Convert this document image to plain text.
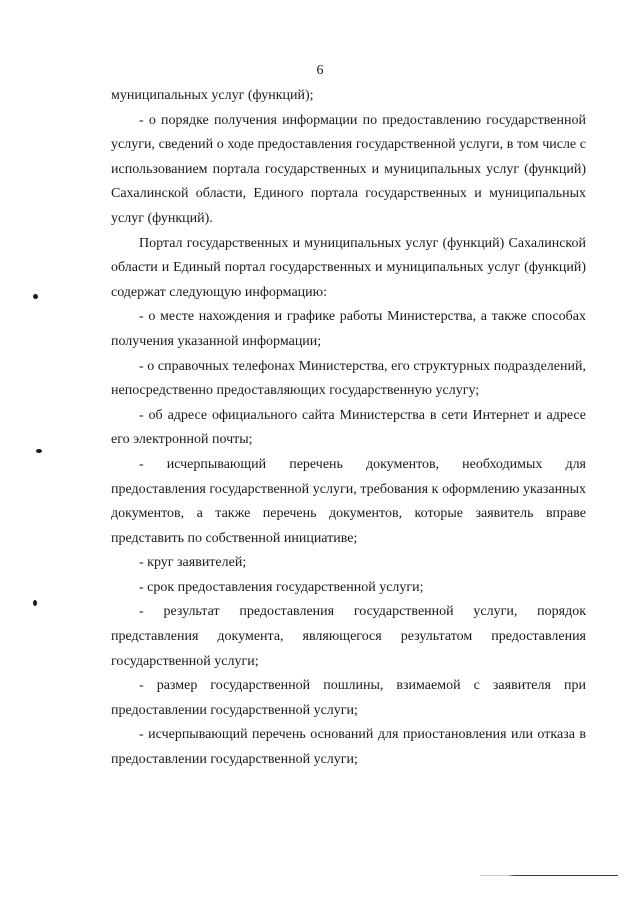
6

муниципальных услуг (функций);

- о порядке получения информации по предоставлению государственной услуги, сведений о ходе предоставления государственной услуги, в том числе с использованием портала государственных и муниципальных услуг (функций) Сахалинской области, Единого портала государственных и муниципальных услуг (функций).

Портал государственных и муниципальных услуг (функций) Сахалинской области и Единый портал государственных и муниципальных услуг (функций) содержат следующую информацию:

- о месте нахождения и графике работы Министерства, а также способах получения указанной информации;

- о справочных телефонах Министерства, его структурных подразделений, непосредственно предоставляющих государственную услугу;

- об адресе официального сайта Министерства в сети Интернет и адресе его электронной почты;

- исчерпывающий перечень документов, необходимых для предоставления государственной услуги, требования к оформлению указанных документов, а также перечень документов, которые заявитель вправе представить по собственной инициативе;

- круг заявителей;

- срок предоставления государственной услуги;

- результат предоставления государственной услуги, порядок представления документа, являющегося результатом предоставления государственной услуги;

- размер государственной пошлины, взимаемой с заявителя при предоставлении государственной услуги;

- исчерпывающий перечень оснований для приостановления или отказа в предоставлении государственной услуги;
